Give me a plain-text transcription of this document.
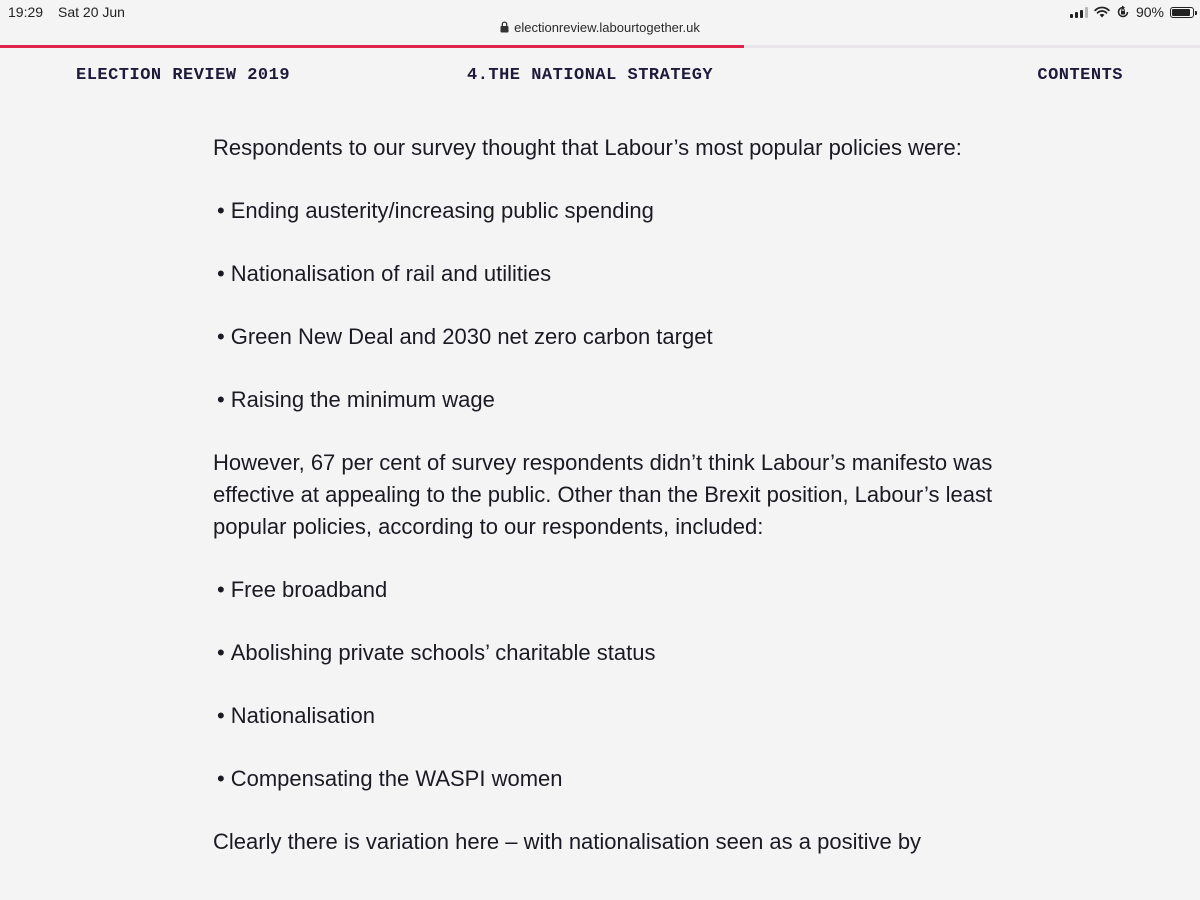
19:29 Sat 20 Jun	90%
electionreview.labourtogether.uk
ELECTION REVIEW 2019	4.THE NATIONAL STRATEGY	CONTENTS

Respondents to our survey thought that Labour’s most popular policies were:

• Ending austerity/increasing public spending

• Nationalisation of rail and utilities

• Green New Deal and 2030 net zero carbon target

• Raising the minimum wage

However, 67 per cent of survey respondents didn’t think Labour’s manifesto was effective at appealing to the public. Other than the Brexit position, Labour’s least popular policies, according to our respondents, included:

• Free broadband

• Abolishing private schools’ charitable status

• Nationalisation

• Compensating the WASPI women

Clearly there is variation here – with nationalisation seen as a positive by
